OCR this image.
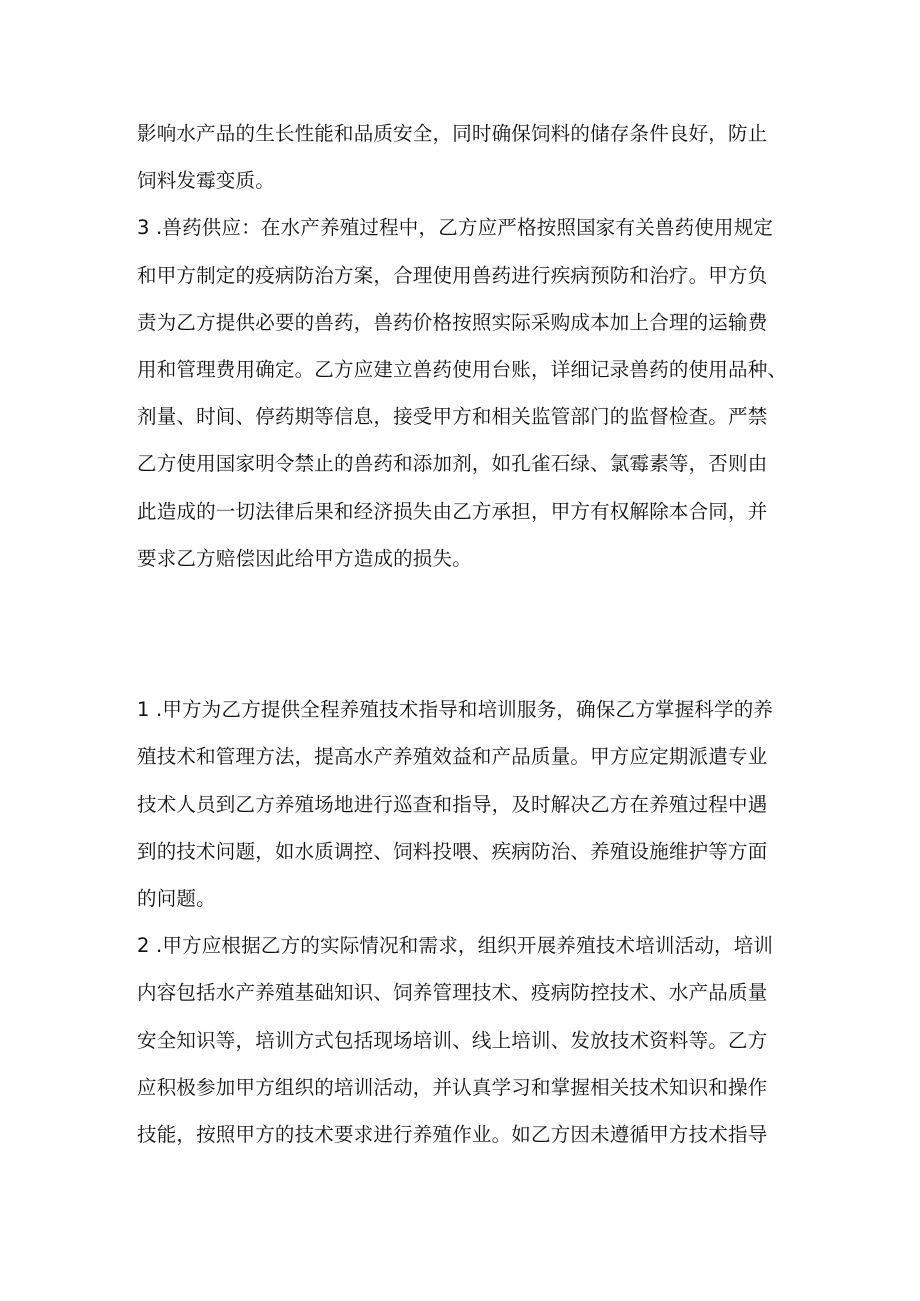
影响水产品的生长性能和品质安全，同时确保饲料的储存条件良好，防止
饲料发霉变质。
3 .兽药供应：在水产养殖过程中，乙方应严格按照国家有关兽药使用规定
和甲方制定的疫病防治方案，合理使用兽药进行疾病预防和治疗。甲方负
责为乙方提供必要的兽药，兽药价格按照实际采购成本加上合理的运输费
用和管理费用确定。乙方应建立兽药使用台账，详细记录兽药的使用品种、
剂量、时间、停药期等信息，接受甲方和相关监管部门的监督检查。严禁
乙方使用国家明令禁止的兽药和添加剂，如孔雀石绿、氯霉素等，否则由
此造成的一切法律后果和经济损失由乙方承担，甲方有权解除本合同，并
要求乙方赔偿因此给甲方造成的损失。
1 .甲方为乙方提供全程养殖技术指导和培训服务，确保乙方掌握科学的养
殖技术和管理方法，提高水产养殖效益和产品质量。甲方应定期派遣专业
技术人员到乙方养殖场地进行巡查和指导，及时解决乙方在养殖过程中遇
到的技术问题，如水质调控、饲料投喂、疾病防治、养殖设施维护等方面
的问题。
2 .甲方应根据乙方的实际情况和需求，组织开展养殖技术培训活动，培训
内容包括水产养殖基础知识、饲养管理技术、疫病防控技术、水产品质量
安全知识等，培训方式包括现场培训、线上培训、发放技术资料等。乙方
应积极参加甲方组织的培训活动，并认真学习和掌握相关技术知识和操作
技能，按照甲方的技术要求进行养殖作业。如乙方因未遵循甲方技术指导
